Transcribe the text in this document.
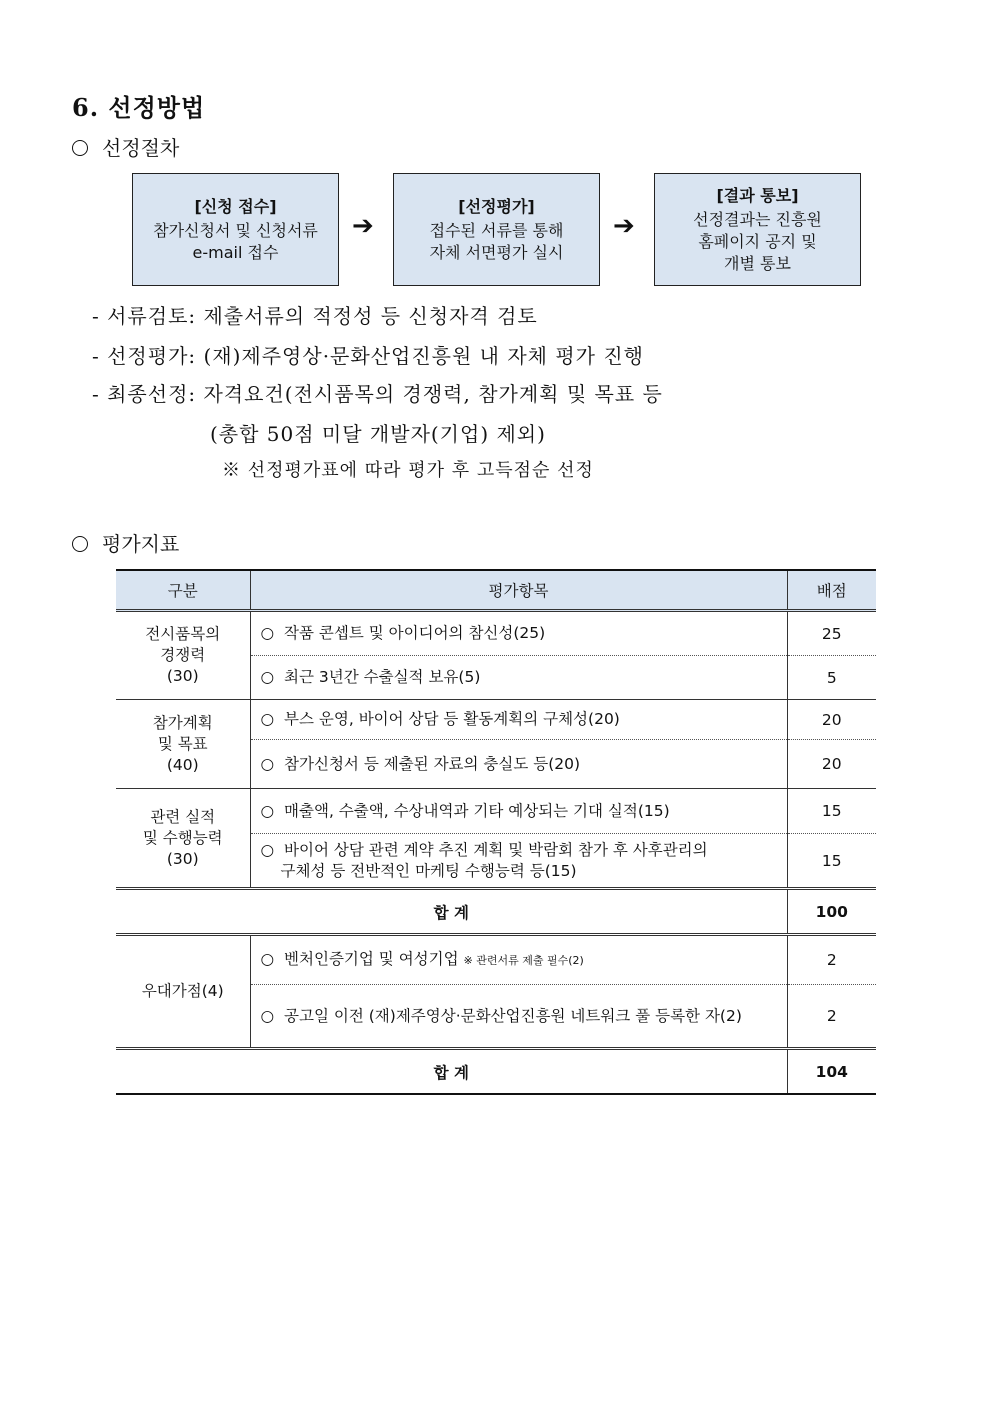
6. 선정방법
선정절차
[신청 접수]
참가신청서 및 신청서류
e-mail 접수
➔
[선정평가]
접수된 서류를 통해
자체 서면평가 실시
➔
[결과 통보]
선정결과는 진흥원
홈페이지 공지 및
개별 통보
- 서류검토: 제출서류의 적정성 등 신청자격 검토
- 선정평가: (재)제주영상·문화산업진흥원 내 자체 평가 진행
- 최종선정: 자격요건(전시품목의 경쟁력, 참가계획 및 목표 등
(총합 50점 미달 개발자(기업) 제외)
※ 선정평가표에 따라 평가 후 고득점순 선정
평가지표
구분	평가항목	배점

전시품목의
경쟁력
(30)	○ 작품 콘셉트 및 아이디어의 참신성(25)	25
	○ 최근 3년간 수출실적 보유(5)	5

참가계획
및 목표
(40)	○ 부스 운영, 바이어 상담 등 활동계획의 구체성(20)	20
	○ 참가신청서 등 제출된 자료의 충실도 등(20)	20

관련 실적
및 수행능력
(30)	○ 매출액, 수출액, 수상내역과 기타 예상되는 기대 실적(15)	15

	○ 바이어 상담 관련 계약 추진 계획 및 박람회 참가 후 사후관리의
구체성 등 전반적인 마케팅 수행능력 등(15)	15
합 계		100
우대가점(4)	○ 벤처인증기업 및 여성기업 ※ 관련서류 제출 필수(2)	2
	○ 공고일 이전 (재)제주영상·문화산업진흥원 네트워크 풀 등록한 자(2)	2
합 계		104
